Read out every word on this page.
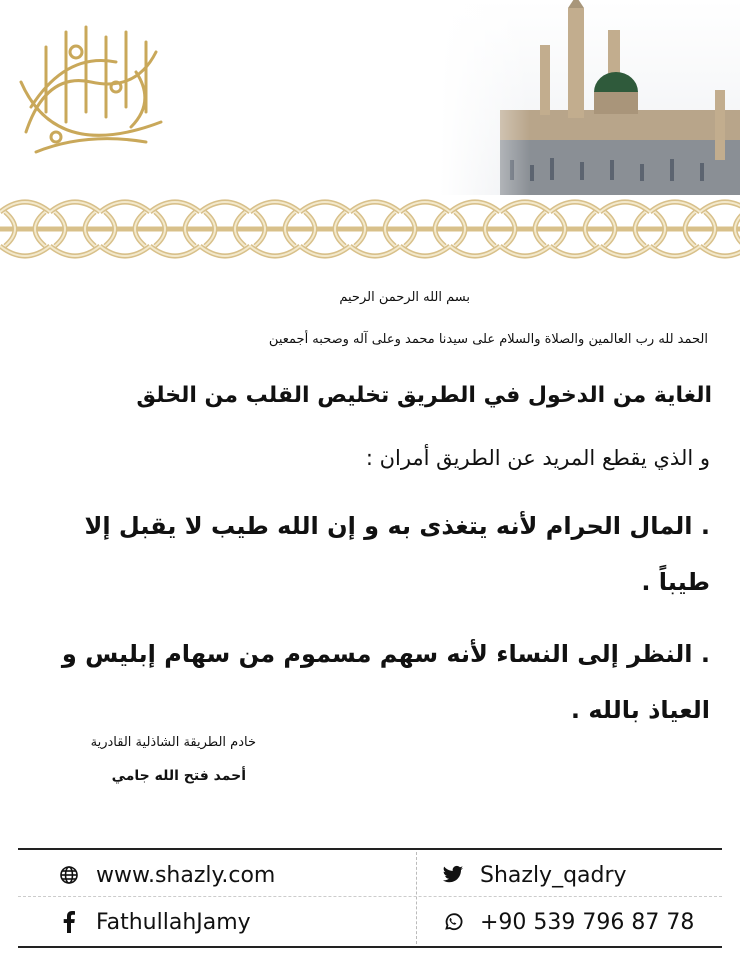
بسم الله الرحمن الرحيم
الحمد لله رب العالمين والصلاة والسلام على سيدنا محمد وعلى آله وصحبه أجمعين
الغاية من الدخول في الطريق تخليص القلب من الخلق
و الذي يقطع المريد عن الطريق أمران :
. المال الحرام لأنه يتغذى به و إن الله طيب لا يقبل إلا طيباً .
. النظر إلى النساء لأنه سهم مسموم من سهام إبليس و العياذ بالله .
خادم الطريقة الشاذلية القادرية
أحمد فتح الله جامي
www.shazly.com	Shazly_qadry
FathullahJamy	+90 539 796 87 78
